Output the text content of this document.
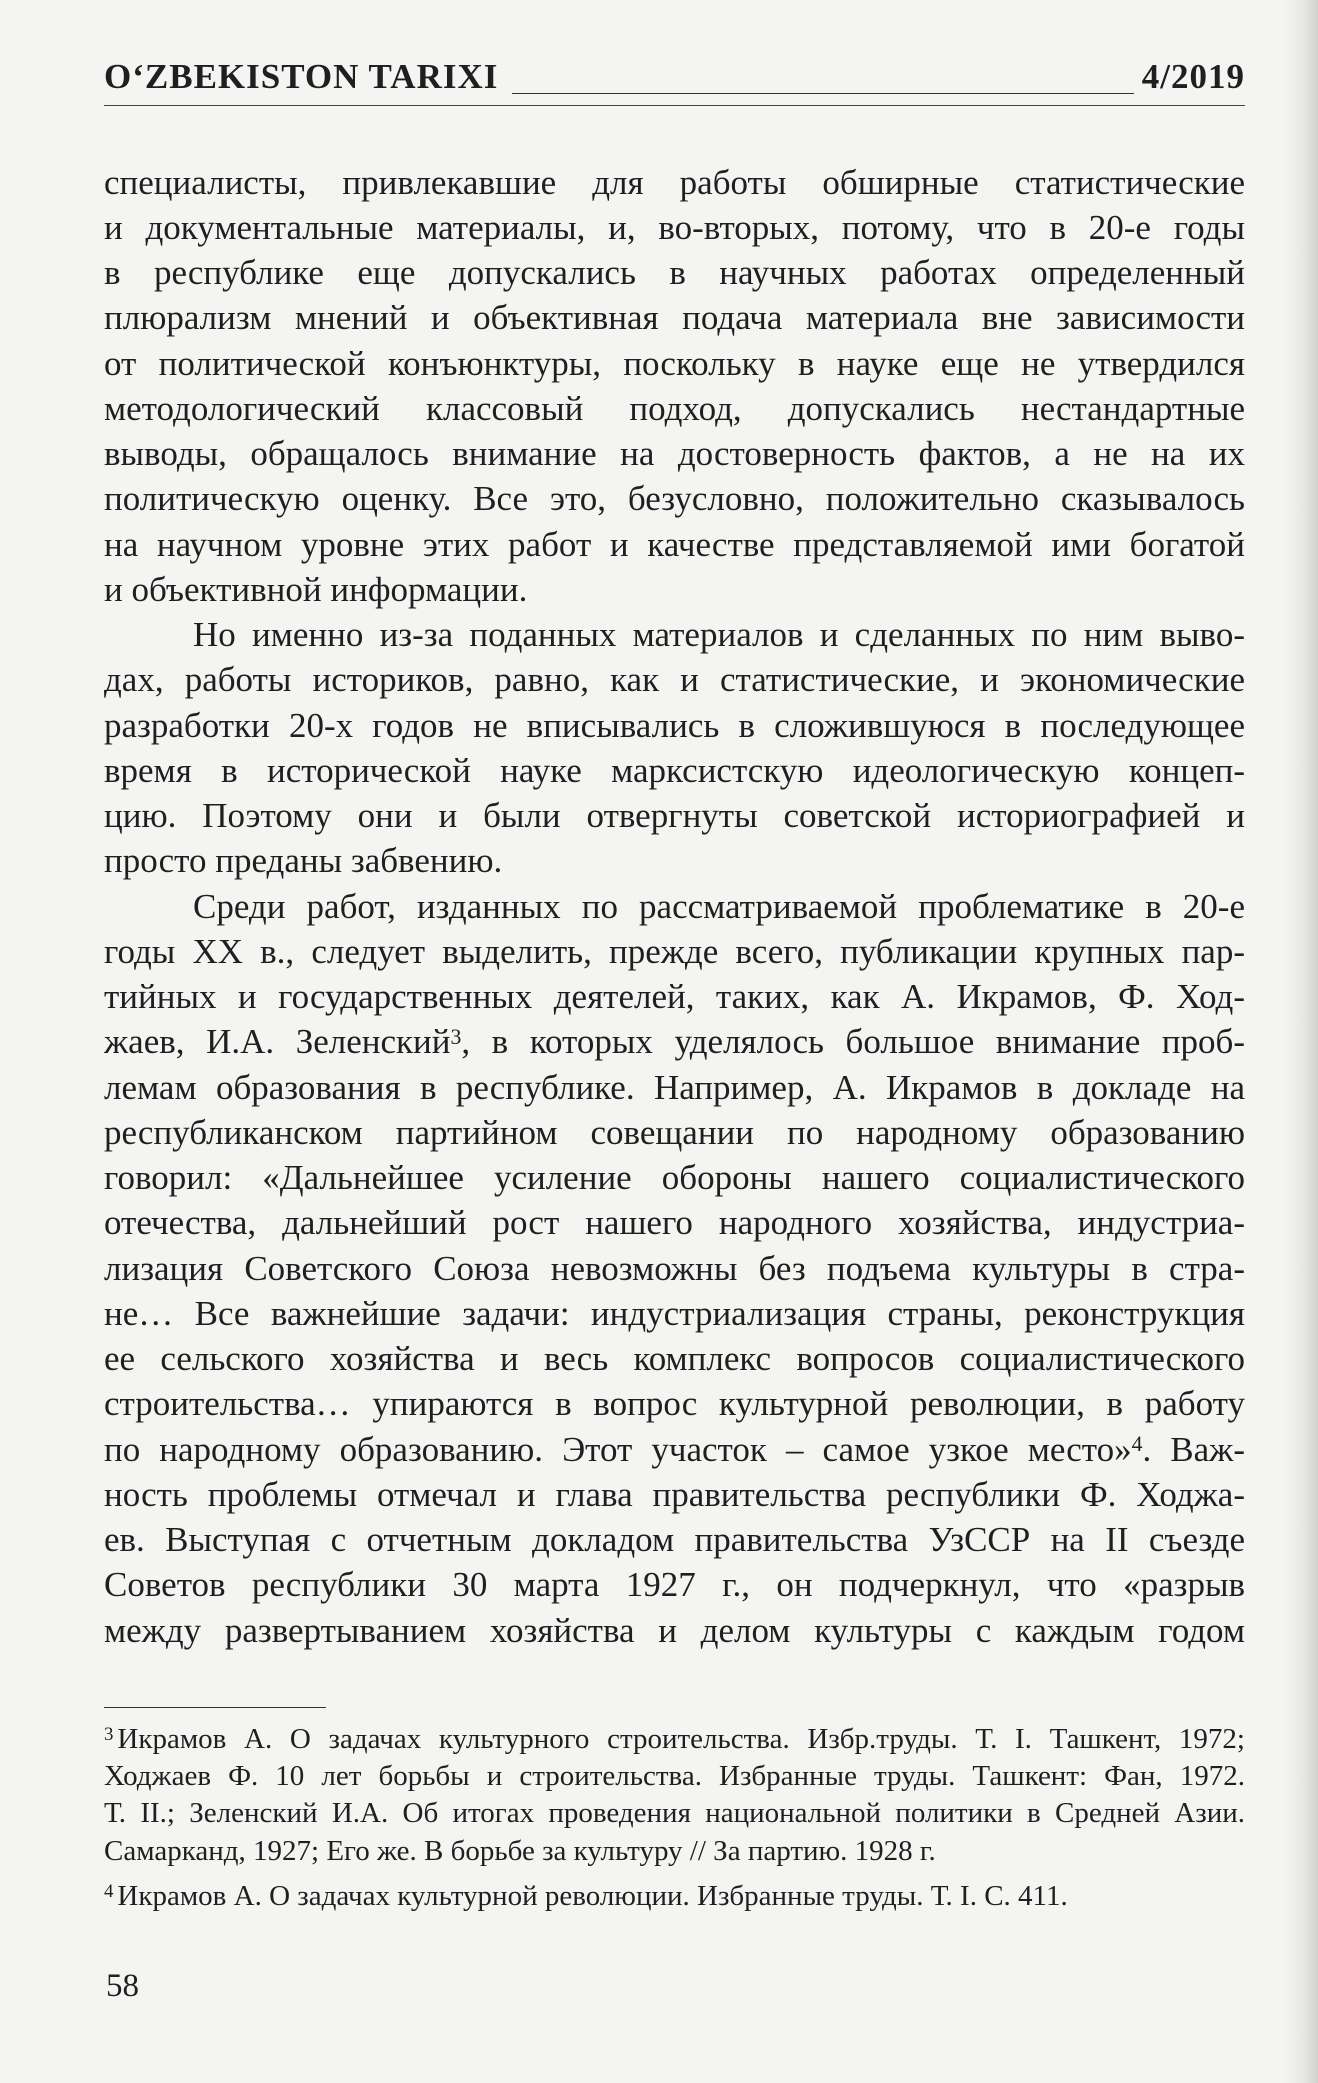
O‘ZBEKISTON TARIXI	4/2019
специалисты, привлекавшие для работы обширные статистические
и документальные материалы, и, во-вторых, потому, что в 20-е годы
в республике еще допускались в научных работах определенный
плюрализм мнений и объективная подача материала вне зависимости
от политической конъюнктуры, поскольку в науке еще не утвердился
методологический классовый подход, допускались нестандартные
выводы, обращалось внимание на достоверность фактов, а не на их
политическую оценку. Все это, безусловно, положительно сказывалось
на научном уровне этих работ и качестве представляемой ими богатой
и объективной информации.
Но именно из-за поданных материалов и сделанных по ним выво-
дах, работы историков, равно, как и статистические, и экономические
разработки 20-х годов не вписывались в сложившуюся в последующее
время в исторической науке марксистскую идеологическую концеп-
цию. Поэтому они и были отвергнуты советской историографией и
просто преданы забвению.
Среди работ, изданных по рассматриваемой проблематике в 20-е
годы XX в., следует выделить, прежде всего, публикации крупных пар-
тийных и государственных деятелей, таких, как А. Икрамов, Ф. Ход-
жаев, И.А. Зеленский$^3$, в которых уделялось большое внимание проб-
лемам образования в республике. Например, А. Икрамов в докладе на
республиканском партийном совещании по народному образованию
говорил: «Дальнейшее усиление обороны нашего социалистического
отечества, дальнейший рост нашего народного хозяйства, индустриа-
лизация Советского Союза невозможны без подъема культуры в стра-
не… Все важнейшие задачи: индустриализация страны, реконструкция
ее сельского хозяйства и весь комплекс вопросов социалистического
строительства… упираются в вопрос культурной революции, в работу
по народному образованию. Этот участок – самое узкое место»$^4$. Важ-
ность проблемы отмечал и глава правительства республики Ф. Ходжа-
ев. Выступая с отчетным докладом правительства УзССР на II съезде
Советов республики 30 марта 1927 г., он подчеркнул, что «разрыв
между развертыванием хозяйства и делом культуры с каждым годом
$^3$ Икрамов А. О задачах культурного строительства. Избр.труды. Т. I. Ташкент, 1972;
Ходжаев Ф. 10 лет борьбы и строительства. Избранные труды. Ташкент: Фан, 1972.
Т. II.; Зеленский И.А. Об итогах проведения национальной политики в Средней Азии.
Самарканд, 1927; Его же. В борьбе за культуру // За партию. 1928 г.
$^4$ Икрамов А. О задачах культурной революции. Избранные труды. Т. I. С. 411.
58
